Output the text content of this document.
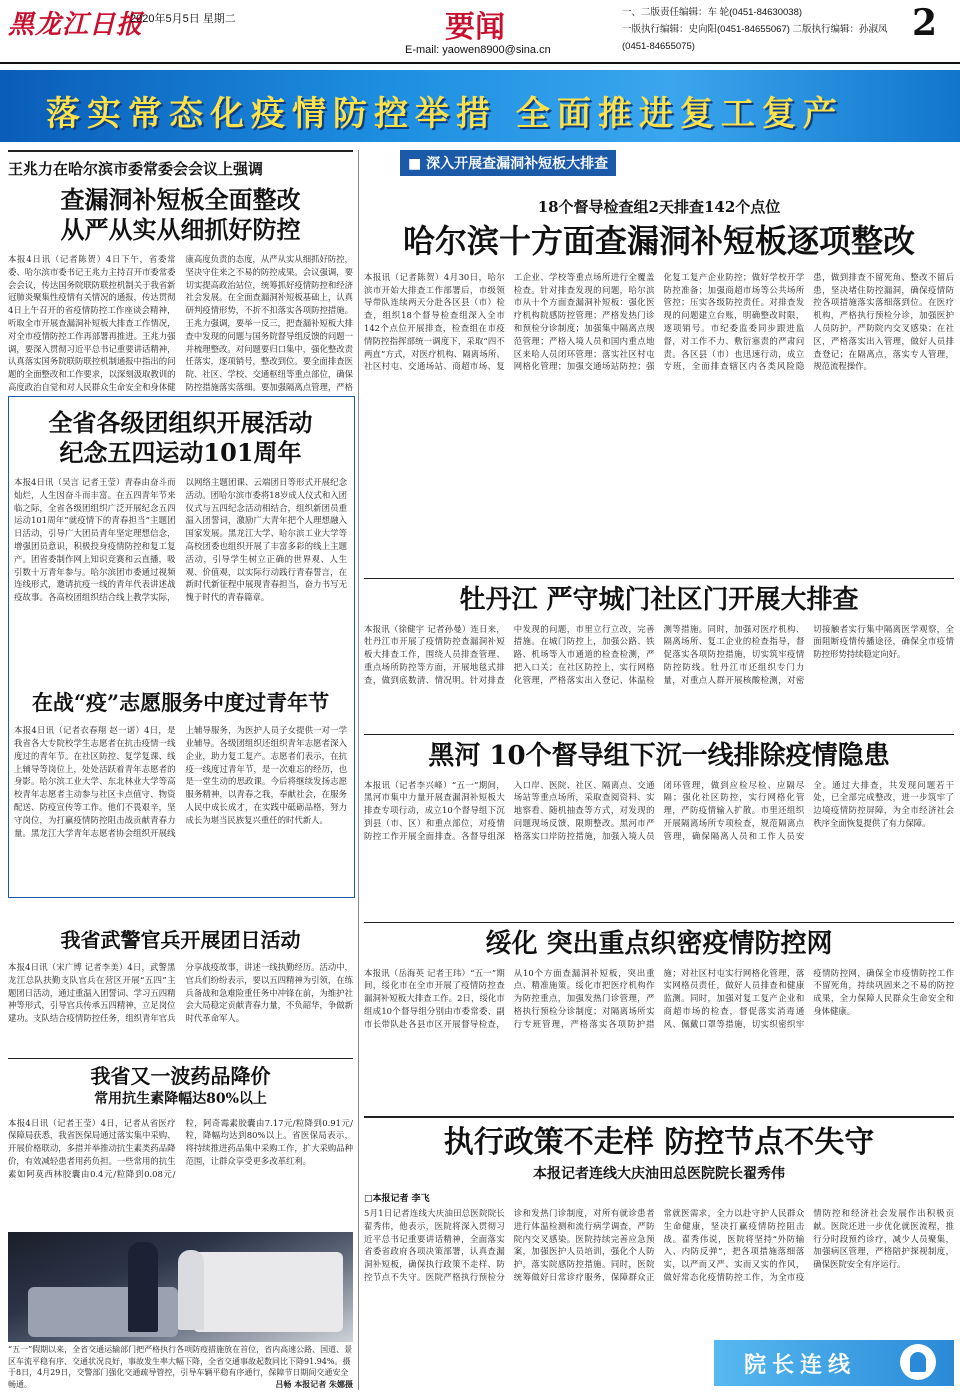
黑龙江日报
2020年5月5日 星期二	要闻
E-mail: yaowen8900@sina.cn
一、二版责任编辑：车 轮(0451-84630038)
一版执行编辑：史向阳(0451-84655067) 二版执行编辑：孙淑凤(0451-84655075)
2
落实常态化疫情防控举措 全面推进复工复产
王兆力在哈尔滨市委常委会会议上强调
查漏洞补短板全面整改
从严从实从细抓好防控
本报4日讯（记者陈贺）4日下午，省委常委、哈尔滨市委书记王兆力主持召开市委常委会会议，传达国务院联防联控机制关于我省新冠肺炎聚集性疫情有关情况的通报，传达贯彻4日上午召开的省疫情防控工作座谈会精神，听取全市开展查漏洞补短板大排查工作情况，对全市疫情防控工作再部署再推进。王兆力强调，要深入贯彻习近平总书记重要讲话精神，认真落实国务院联防联控机制通报中指出的问题的全面整改和工作要求，以深刻汲取教训的高度政治自觉和对人民群众生命安全和身体健康高度负责的态度，从严从实从细抓好防控，坚决守住来之不易的防控成果。会议强调，要切实提高政治站位，统筹抓好疫情防控和经济社会发展。在全面查漏洞补短板基础上，认真研判疫情形势，不折不扣落实各项防控措施。王兆力强调，要举一反三，把查漏补短板大排查中发现的问题与国务院督导组反馈的问题一并梳理整改。对问题要归口集中，强化整改责任落实，逐项销号，整改到位。要全面排查医院、社区、学校、交通枢纽等重点部位，确保防控措施落实落细。要加强隔离点管理，严格
全省各级团组织开展活动
纪念五四运动101周年
本报4日讯（吴言 记者王莹）青春由奋斗而灿烂，人生因奋斗而丰富。在五四青年节来临之际，全省各级团组织广泛开展纪念五四运动101周年“就疫情下的青春担当”主题团日活动，引导广大团员青年坚定理想信念，增强团员意识，积极投身疫情防控和复工复产。团省委制作网上知识竞赛和云直播，吸引数十万青年参与。哈尔滨团市委通过视频连线形式，邀请抗疫一线的青年代表讲述战疫故事。各高校团组织结合线上教学实际，以网络主题团课、云端团日等形式开展纪念活动。团哈尔滨市委将18岁成人仪式和入团仪式与五四纪念活动相结合，组织新团员重温入团誓词，激励广大青年把个人理想融入国家发展。黑龙江大学、哈尔滨工业大学等高校团委也组织开展了丰富多彩的线上主题活动，引导学生树立正确的世界观、人生观、价值观，以实际行动践行青春誓言，在新时代新征程中展现青春担当，奋力书写无愧于时代的青春篇章。
在战“疫”志愿服务中度过青年节
本报4日讯（记者衣春翔 赵一诺）4日，是我省各大专院校学生志愿者在抗击疫情一线度过的青年节。在社区防控、复学复课、线上辅导等岗位上，处处活跃着青年志愿者的身影。哈尔滨工业大学、东北林业大学等高校青年志愿者主动参与社区卡点值守、物资配送、防疫宣传等工作。他们不畏艰辛，坚守岗位，为打赢疫情防控阻击战贡献青春力量。黑龙江大学青年志愿者协会组织开展线上辅导服务，为医护人员子女提供一对一学业辅导。各级团组织还组织青年志愿者深入企业，助力复工复产。志愿者们表示，在抗疫一线度过青年节，是一次难忘的经历，也是一堂生动的思政课。今后将继续发扬志愿服务精神，以青春之我，奉献社会，在服务人民中成长成才，在实践中砥砺品格，努力成长为堪当民族复兴重任的时代新人。
我省武警官兵开展团日活动
本报4日讯（宋广博 记者李美）4日，武警黑龙江总队扶勤支队官兵在营区开展“五四”主题团日活动，通过重温入团誓词、学习五四精神等形式，引导官兵传承五四精神，立足岗位建功。支队结合疫情防控任务，组织青年官兵分享战疫故事，讲述一线执勤经历。活动中，官兵们纷纷表示，要以五四精神为引领，在练兵备战和急难险重任务中冲锋在前，为维护社会大局稳定贡献青春力量，不负韶华，争做新时代革命军人。
我省又一波药品降价
常用抗生素降幅达80%以上
本报4日讯（记者王莹）4日，记者从省医疗保障局获悉，我省医保局通过落实集中采购、开展价格联动，多措并举推动抗生素类药品降价，有效减轻患者用药负担。一些常用的抗生素如阿莫西林胶囊由0.4元/粒降到0.08元/粒，阿奇霉素胶囊由7.17元/粒降到0.91元/粒，降幅均达到80%以上。省医保局表示，将持续推进药品集中采购工作，扩大采购品种范围，让群众享受更多改革红利。
“五一”假期以来，全省交通运输部门把严格执行各项防疫措施放在首位，省内高速公路、国道、景区车流平稳有序、交通状况良好，事故发生率大幅下降，全省交通事故起数同比下降91.94%。摄于8日，4月29日，交警部门强化交通疏导管控，引导车辆平稳有序通行，保障节日期间交通安全畅通。	吕畅 本报记者 朱娜摄
■ 深入开展查漏洞补短板大排查
18个督导检查组2天排查142个点位
哈尔滨十方面查漏洞补短板逐项整改
本报讯（记者陈贺）4月30日，哈尔滨市开始大排查工作部署后，市级领导带队连续两天分赴各区县（市）检查，组织18个督导检查组深入全市142个点位开展排查，检查组在市疫情防控指挥部统一调度下，采取“四不两直”方式，对医疗机构、隔离场所、社区村屯、交通场站、商超市场、复工企业、学校等重点场所进行全覆盖检查。针对排查发现的问题，哈尔滨市从十个方面查漏洞补短板：强化医疗机构院感防控管理；严格发热门诊和预检分诊制度；加强集中隔离点规范管理；严格入境人员和国内重点地区来哈人员闭环管理；落实社区村屯网格化管理；加强交通场站防控；强化复工复产企业防控；做好学校开学防控准备；加强商超市场等公共场所管控；压实各级防控责任。对排查发现的问题建立台账，明确整改时限，逐项销号。市纪委监委同步跟进监督，对工作不力、敷衍塞责的严肃问责。各区县（市）也迅速行动，成立专班，全面排查辖区内各类风险隐患，做到排查不留死角、整改不留后患，坚决堵住防控漏洞，确保疫情防控各项措施落实落细落到位。在医疗机构，严格执行预检分诊，加强医护人员防护，严防院内交叉感染；在社区，严格落实出入管理，做好人员排查登记；在隔离点，落实专人管理，规范流程操作。
牡丹江 严守城门社区门开展大排查
本报讯（徐健宇 记者孙曼）连日来，牡丹江市开展了疫情防控查漏洞补短板大排查工作，围绕人员排查管理、重点场所防控等方面，开展地毯式排查，做到底数清、情况明。针对排查中发现的问题，市里立行立改，完善措施。在城门防控上，加强公路、铁路、机场等入市通道的检查检测，严把入口关；在社区防控上，实行网格化管理，严格落实出入登记、体温检测等措施。同时，加强对医疗机构、隔离场所、复工企业的检查指导，督促落实各项防控措施，切实筑牢疫情防控防线。牡丹江市还组织专门力量，对重点人群开展核酸检测，对密切接触者实行集中隔离医学观察，全面阻断疫情传播途径，确保全市疫情防控形势持续稳定向好。
黑河 10个督导组下沉一线排除疫情隐患
本报讯（记者李兴峰）“五一”期间，黑河市集中力量开展查漏洞补短板大排查专项行动，成立10个督导组下沉到县（市、区）和重点部位，对疫情防控工作开展全面排查。各督导组深入口岸、医院、社区、隔离点、交通场站等重点场所，采取查阅资料、实地察看、随机抽查等方式，对发现的问题现场反馈、限期整改。黑河市严格落实口岸防控措施，加强入境人员闭环管理，做到应检尽检、应隔尽隔；强化社区防控，实行网格化管理，严防疫情输入扩散。市里还组织开展隔离场所专项检查，规范隔离点管理，确保隔离人员和工作人员安全。通过大排查，共发现问题若干处，已全部完成整改，进一步筑牢了边境疫情防控屏障，为全市经济社会秩序全面恢复提供了有力保障。
绥化 突出重点织密疫情防控网
本报讯（岳海英 记者王玮）“五一”期间，绥化市在全市开展了疫情防控查漏洞补短板大排查工作。2日，绥化市组成10个督导组分别由市委常委、副市长带队赴各县市区开展督导检查，从10个方面查漏洞补短板，突出重点、精准施策。绥化市把医疗机构作为防控重点，加强发热门诊管理，严格执行预检分诊制度；对隔离场所实行专班管理，严格落实各项防护措施；对社区村屯实行网格化管理，落实网格员责任，做好人员排查和健康监测。同时，加强对复工复产企业和商超市场的检查，督促落实消毒通风、佩戴口罩等措施，切实织密织牢疫情防控网，确保全市疫情防控工作不留死角，持续巩固来之不易的防控成果，全力保障人民群众生命安全和身体健康。
执行政策不走样 防控节点不失守
本报记者连线大庆油田总医院院长翟秀伟
□本报记者 李飞
5月1日记者连线大庆油田总医院院长翟秀伟，他表示，医院将深入贯彻习近平总书记重要讲话精神，全面落实省委省政府各项决策部署，认真查漏洞补短板，确保执行政策不走样、防控节点不失守。医院严格执行预检分诊和发热门诊制度，对所有就诊患者进行体温检测和流行病学调查，严防院内交叉感染。医院持续完善应急预案，加强医护人员培训，强化个人防护，落实院感防控措施。同时，医院统筹做好日常诊疗服务，保障群众正常就医需求，全力以赴守护人民群众生命健康，坚决打赢疫情防控阻击战。翟秀伟说，医院将坚持“外防输入、内防反弹”，把各项措施落细落实，以严而又严、实而又实的作风，做好常态化疫情防控工作，为全市疫情防控和经济社会发展作出积极贡献。医院还进一步优化就医流程，推行分时段预约诊疗，减少人员聚集，加强病区管理，严格陪护探视制度，确保医院安全有序运行。
院长连线
